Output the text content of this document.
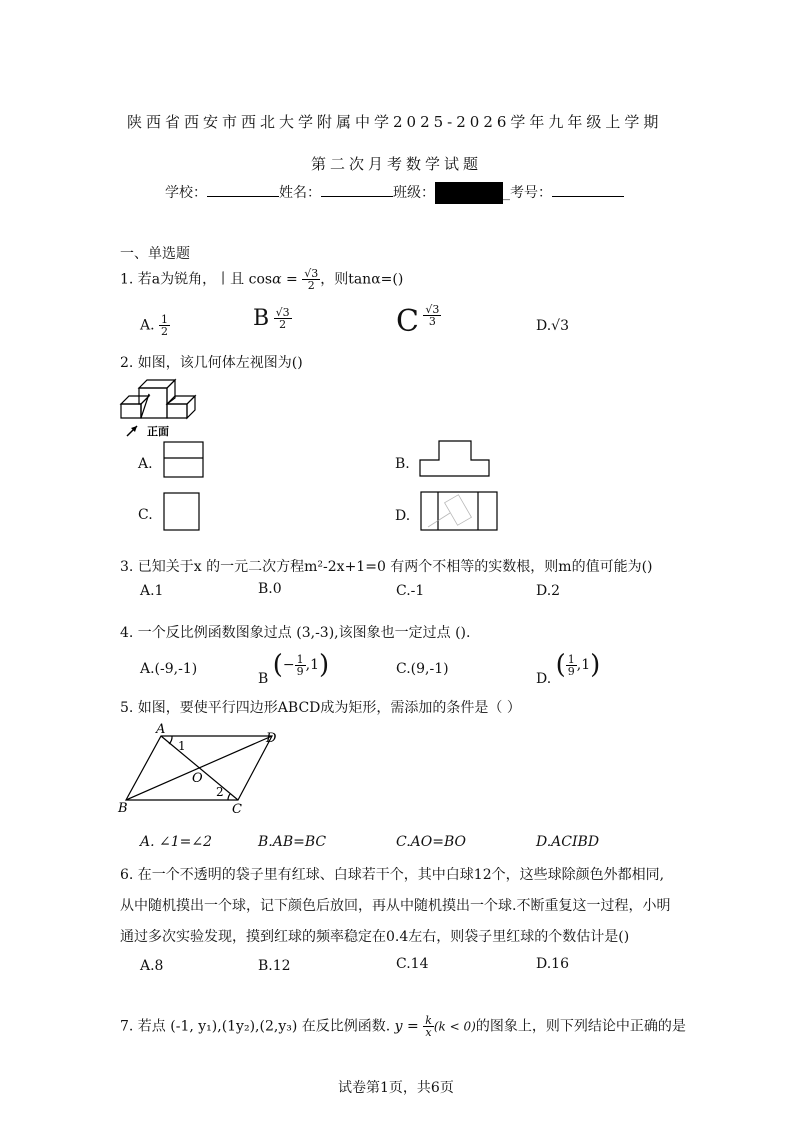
陕西省西安市西北大学附属中学2025-2026学年九年级上学期
第二次月考数学试题
学校：	姓名：	班级：	_考号：
一、单选题
1. 若a为锐角，丨且 $\cos\alpha = \frac{√3}{2}$ ，则tanα=()
A. $\frac{1}{2}$	B $\frac{√3}{2}$	C $\frac{√3}{3}$	D.√3
2. 如图，该几何体左视图为()
正面
A.	B.
C.	D.
3. 已知关于x 的一元二次方程m²-2x+1=0 有两个不相等的实数根，则m的值可能为()
A.1	B.0	C.-1	D.2
4. 一个反比例函数图象过点 (3,-3),该图象也一定过点 ().
A.(-9,-1)
B (− $\frac{1}{9} ,1$)	C.(9,-1)
D. ( $\frac{1}{9} ,1$)
5. 如图，要使平行四边形ABCD成为矩形，需添加的条件是（ ）
A
D
B	C
O
1
2
A. ∠1=∠2	B.AB=BC	C.AO=BO	D.ACIBD
6. 在一个不透明的袋子里有红球、白球若干个，其中白球12个，这些球除颜色外都相同,
从中随机摸出一个球，记下颜色后放回，再从中随机摸出一个球.不断重复这一过程，小明
通过多次实验发现，摸到红球的频率稳定在0.4左右，则袋子里红球的个数估计是()
A.8	B.12	C.14	D.16
7. 若点 (-1, y₁),(1y₂),(2,y₃) 在反比例函数. $y = \frac{k}{x} (k < 0)$的图象上，则下列结论中正确的是
试卷第1页，共6页
